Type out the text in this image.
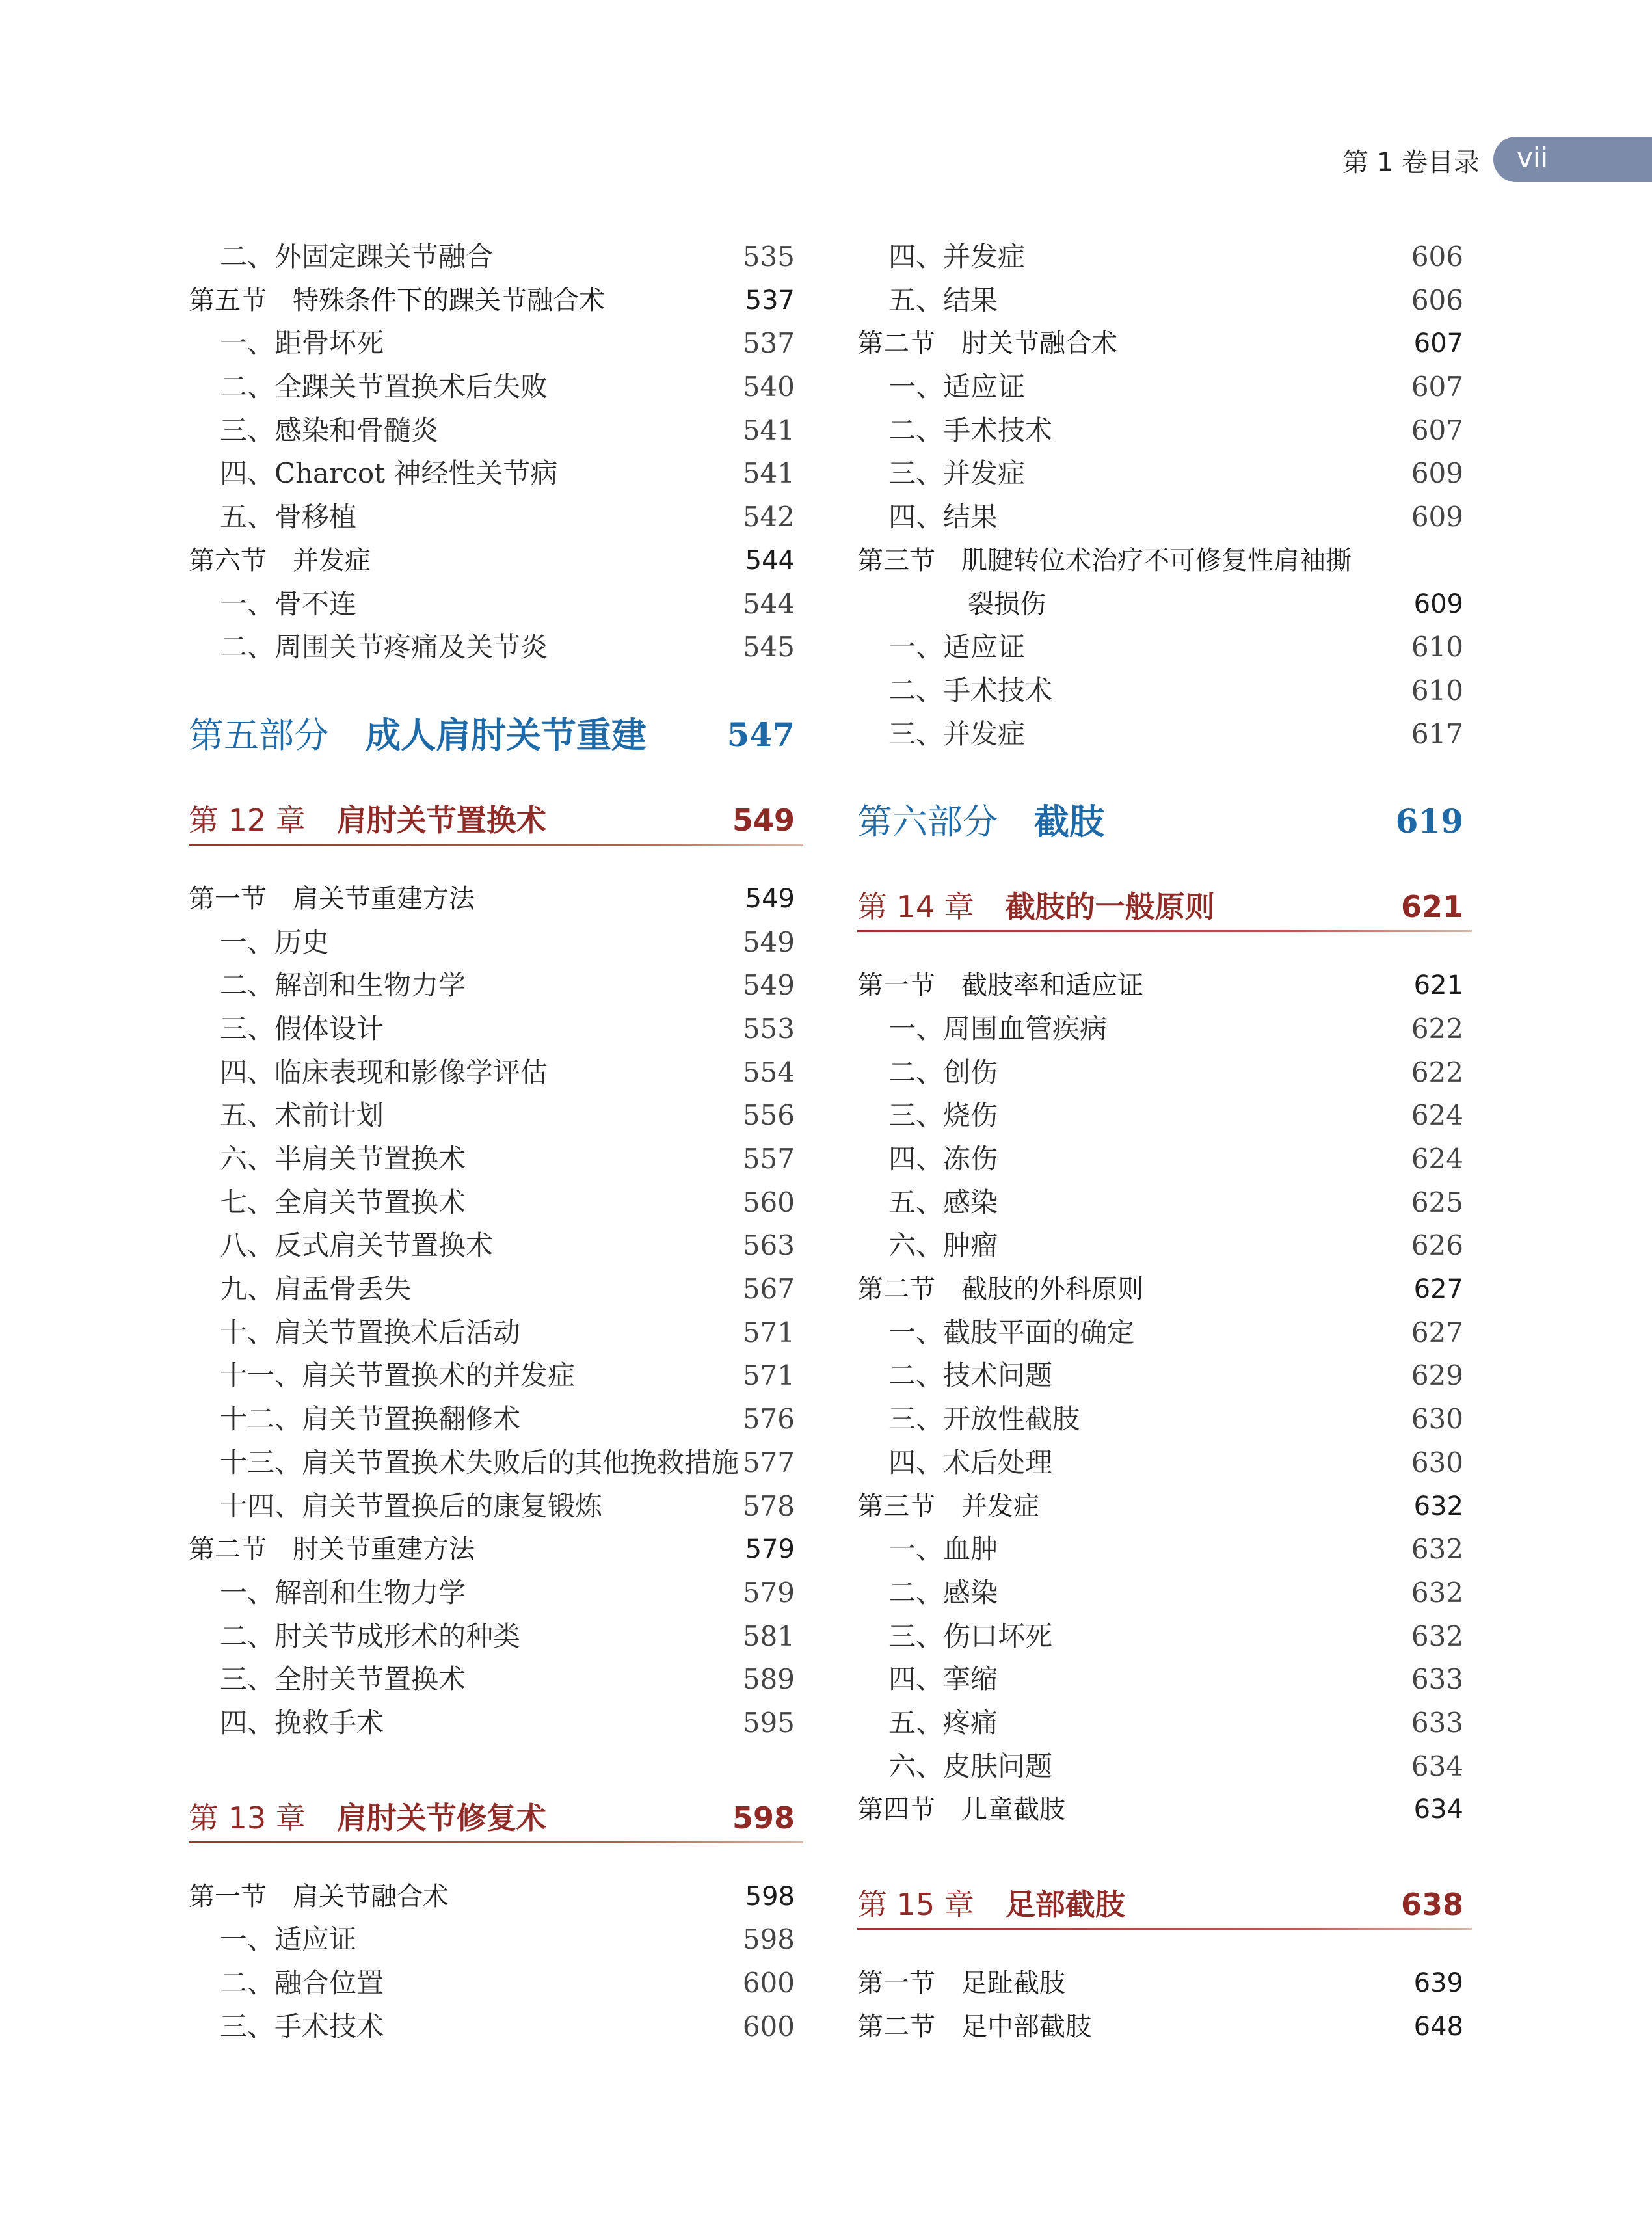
第 1 卷目录 vii
二、外固定踝关节融合	535
第五节　特殊条件下的踝关节融合术	537
一、距骨坏死	537
二、全踝关节置换术后失败	540
三、感染和骨髓炎	541
四、Charcot 神经性关节病	541
五、骨移植	542
第六节　并发症	544
一、骨不连	544
二、周围关节疼痛及关节炎	545
第五部分 成人肩肘关节重建 547
第 12 章 肩肘关节置换术	549
第一节　肩关节重建方法	549
一、历史	549
二、解剖和生物力学	549
三、假体设计	553
四、临床表现和影像学评估	554
五、术前计划	556
六、半肩关节置换术	557
七、全肩关节置换术	560
八、反式肩关节置换术	563
九、肩盂骨丢失	567
十、肩关节置换术后活动	571
十一、肩关节置换术的并发症	571
十二、肩关节置换翻修术	576
十三、肩关节置换术失败后的其他挽救措施 577
十四、肩关节置换后的康复锻炼	578
第二节　肘关节重建方法	579
一、解剖和生物力学	579
二、肘关节成形术的种类	581
三、全肘关节置换术	589
四、挽救手术	595
第 13 章 肩肘关节修复术	598
第一节　肩关节融合术	598
一、适应证	598
二、融合位置	600
三、手术技术	600
四、并发症	606
五、结果	606
第二节　肘关节融合术	607
一、适应证	607
二、手术技术	607
三、并发症	609
四、结果	609
第三节　肌腱转位术治疗不可修复性肩袖撕
裂损伤	609
一、适应证	610
二、手术技术	610
三、并发症	617
第六部分 截肢	619
第 14 章 截肢的一般原则	621
第一节　截肢率和适应证	621
一、周围血管疾病	622
二、创伤	622
三、烧伤	624
四、冻伤	624
五、感染	625
六、肿瘤	626
第二节　截肢的外科原则	627
一、截肢平面的确定	627
二、技术问题	629
三、开放性截肢	630
四、术后处理	630
第三节　并发症	632
一、血肿	632
二、感染	632
三、伤口坏死	632
四、挛缩	633
五、疼痛	633
六、皮肤问题	634
第四节　儿童截肢	634
第 15 章 足部截肢	638
第一节　足趾截肢	639
第二节　足中部截肢	648
